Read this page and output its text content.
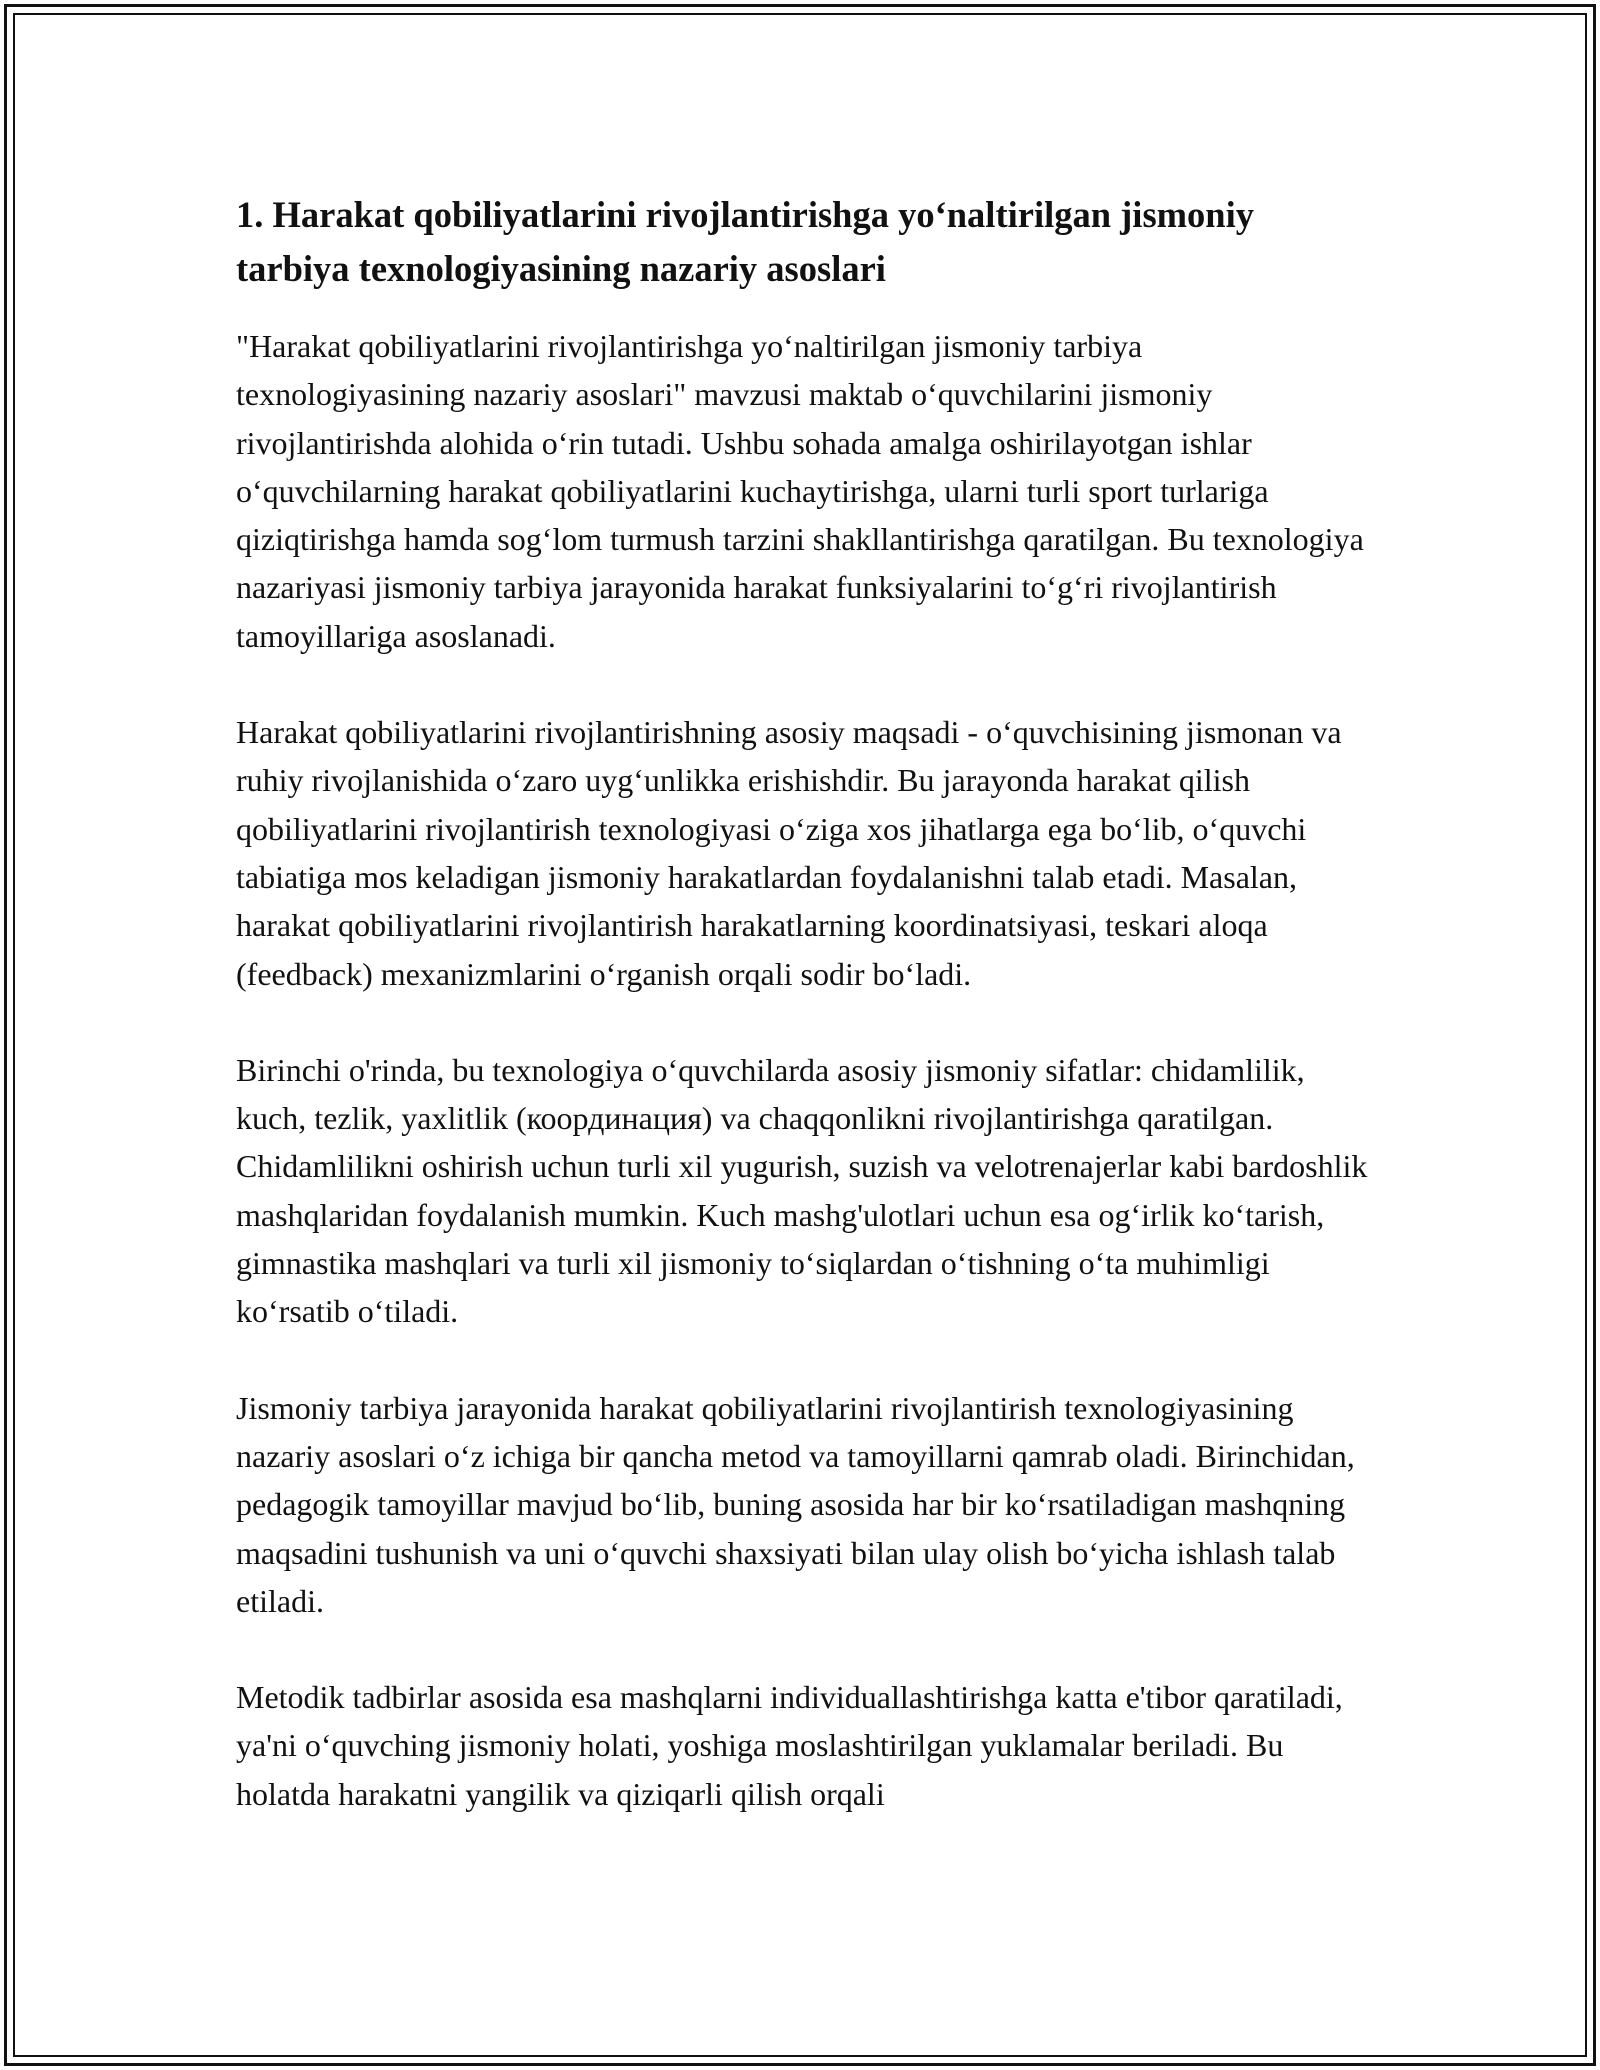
1. Harakat qobiliyatlarini rivojlantirishga yo‘naltirilgan jismoniy tarbiya texnologiyasining nazariy asoslari

"Harakat qobiliyatlarini rivojlantirishga yo‘naltirilgan jismoniy tarbiya texnologiyasining nazariy asoslari" mavzusi maktab o‘quvchilarini jismoniy rivojlantirishda alohida o‘rin tutadi. Ushbu sohada amalga oshirilayotgan ishlar o‘quvchilarning harakat qobiliyatlarini kuchaytirishga, ularni turli sport turlariga qiziqtirishga hamda sog‘lom turmush tarzini shakllantirishga qaratilgan. Bu texnologiya nazariyasi jismoniy tarbiya jarayonida harakat funksiyalarini to‘g‘ri rivojlantirish tamoyillariga asoslanadi.

Harakat qobiliyatlarini rivojlantirishning asosiy maqsadi - o‘quvchisining jismonan va ruhiy rivojlanishida o‘zaro uyg‘unlikka erishishdir. Bu jarayonda harakat qilish qobiliyatlarini rivojlantirish texnologiyasi o‘ziga xos jihatlarga ega bo‘lib, o‘quvchi tabiatiga mos keladigan jismoniy harakatlardan foydalanishni talab etadi. Masalan, harakat qobiliyatlarini rivojlantirish harakatlarning koordinatsiyasi, teskari aloqa (feedback) mexanizmlarini o‘rganish orqali sodir bo‘ladi.

Birinchi o'rinda, bu texnologiya o‘quvchilarda asosiy jismoniy sifatlar: chidamlilik, kuch, tezlik, yaxlitlik (координация) va chaqqonlikni rivojlantirishga qaratilgan. Chidamlilikni oshirish uchun turli xil yugurish, suzish va velotrenajerlar kabi bardoshlik mashqlaridan foydalanish mumkin. Kuch mashg'ulotlari uchun esa og‘irlik ko‘tarish, gimnastika mashqlari va turli xil jismoniy to‘siqlardan o‘tishning o‘ta muhimligi ko‘rsatib o‘tiladi.

Jismoniy tarbiya jarayonida harakat qobiliyatlarini rivojlantirish texnologiyasining nazariy asoslari o‘z ichiga bir qancha metod va tamoyillarni qamrab oladi. Birinchidan, pedagogik tamoyillar mavjud bo‘lib, buning asosida har bir ko‘rsatiladigan mashqning maqsadini tushunish va uni o‘quvchi shaxsiyati bilan ulay olish bo‘yicha ishlash talab etiladi.

Metodik tadbirlar asosida esa mashqlarni individuallashtirishga katta e'tibor qaratiladi, ya'ni o‘quvching jismoniy holati, yoshiga moslashtirilgan yuklamalar beriladi. Bu holatda harakatni yangilik va qiziqarli qilish orqali
